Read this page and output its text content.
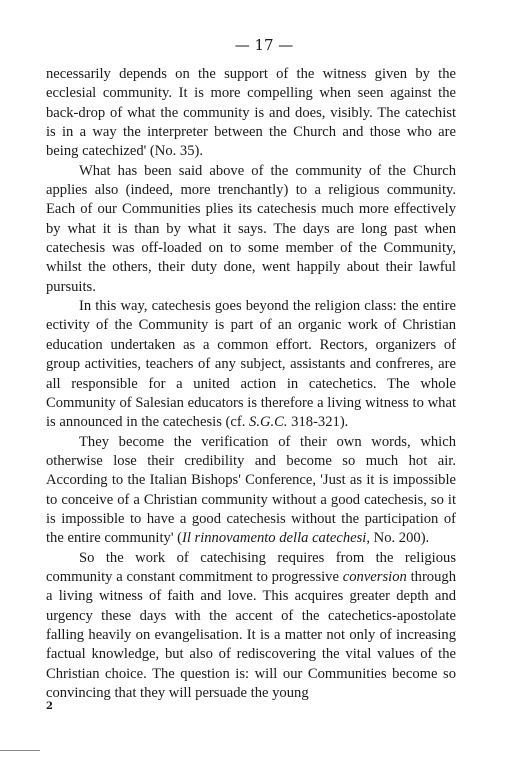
— 17 —

necessarily depends on the support of the witness given by the ecclesial community. It is more compelling when seen against the back-drop of what the community is and does, visibly. The catechist is in a way the interpreter between the Church and those who are being catechized' (No. 35).

What has been said above of the community of the Church applies also (indeed, more trenchantly) to a religious community. Each of our Communities plies its catechesis much more effectively by what it is than by what it says. The days are long past when catechesis was off-loaded on to some member of the Community, whilst the others, their duty done, went happily about their lawful pursuits.

In this way, catechesis goes beyond the religion class: the entire ectivity of the Community is part of an organic work of Christian education undertaken as a common effort. Rectors, organizers of group activities, teachers of any subject, assistants and confreres, are all responsible for a united action in catechetics. The whole Community of Salesian educators is therefore a living witness to what is announced in the catechesis (cf. S.G.C. 318-321).

They become the verification of their own words, which otherwise lose their credibility and become so much hot air. According to the Italian Bishops' Conference, 'Just as it is impossible to conceive of a Christian community without a good catechesis, so it is impossible to have a good catechesis without the participation of the entire community' (Il rinnovamento della catechesi, No. 200).

So the work of catechising requires from the religious community a constant commitment to progressive conversion through a living witness of faith and love. This acquires greater depth and urgency these days with the accent of the catechetics-apostolate falling heavily on evangelisation. It is a matter not only of increasing factual knowledge, but also of rediscovering the vital values of the Christian choice. The question is: will our Communities become so convincing that they will persuade the young

2
